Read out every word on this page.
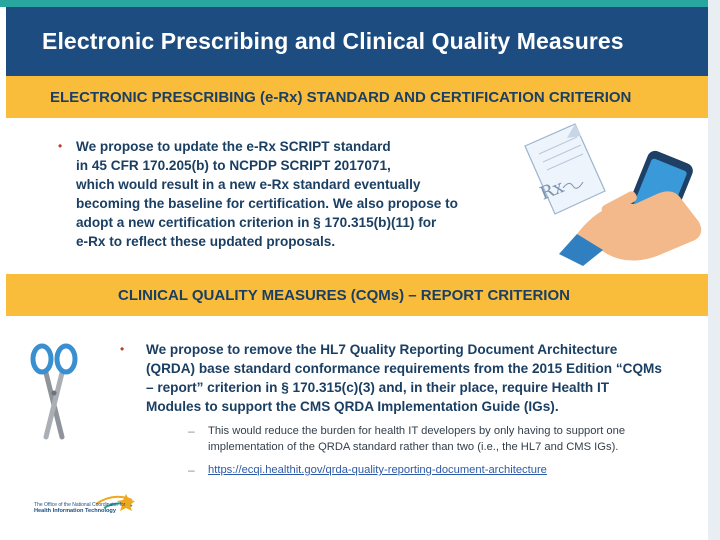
Electronic Prescribing and Clinical Quality Measures
ELECTRONIC PRESCRIBING (e-Rx) STANDARD AND CERTIFICATION CRITERION
•	We propose to update the e-Rx SCRIPT standard
in 45 CFR 170.205(b) to NCPDP SCRIPT 2017071,
which would result in a new e-Rx standard eventually
becoming the baseline for certification. We also propose to
adopt a new certification criterion in § 170.315(b)(11) for
e-Rx to reflect these updated proposals.
Rx
CLINICAL QUALITY MEASURES (CQMs) – REPORT CRITERION
•	We propose to remove the HL7 Quality Reporting Document Architecture
(QRDA) base standard conformance requirements from the 2015 Edition “CQMs
– report” criterion in § 170.315(c)(3) and, in their place, require Health IT
Modules to support the CMS QRDA Implementation Guide (IGs).
–	This would reduce the burden for health IT developers by only having to support one
implementation of the QRDA standard rather than two (i.e., the HL7 and CMS IGs).
–	https://ecqi.healthit.gov/qrda-quality-reporting-document-architecture
The Office of the National Coordinator for
Health Information Technology
